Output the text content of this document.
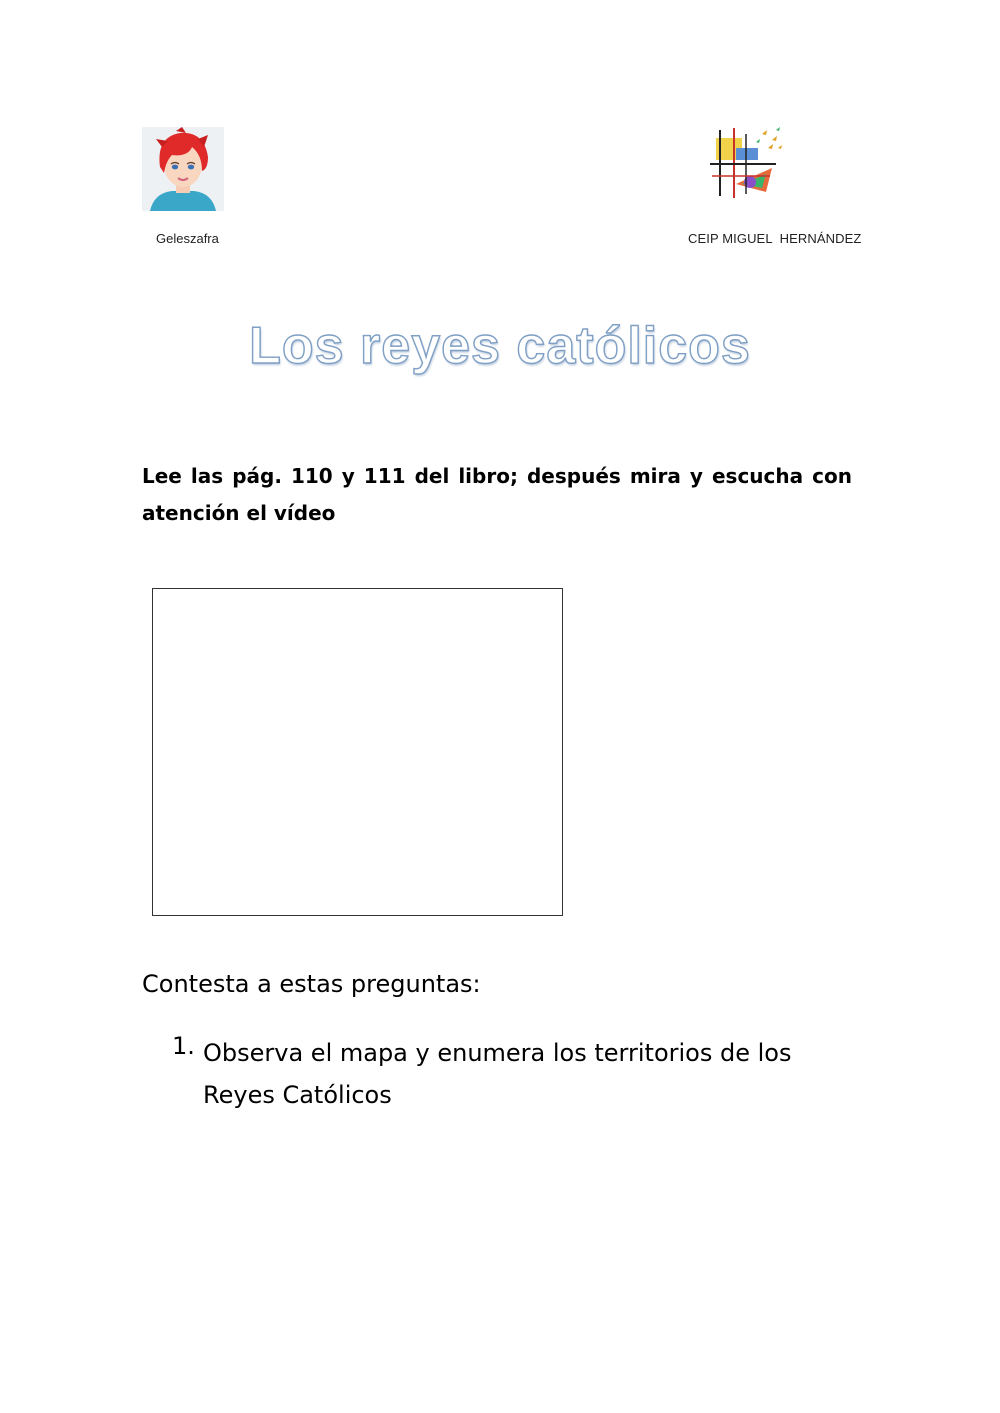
Geleszafra	CEIP MIGUEL  HERNÁNDEZ
Los reyes católicos
Lee las pág. 110 y 111 del libro; después mira y escucha con atención el vídeo
Contesta a estas preguntas:
1. Observa el mapa y enumera los territorios de los Reyes Católicos
